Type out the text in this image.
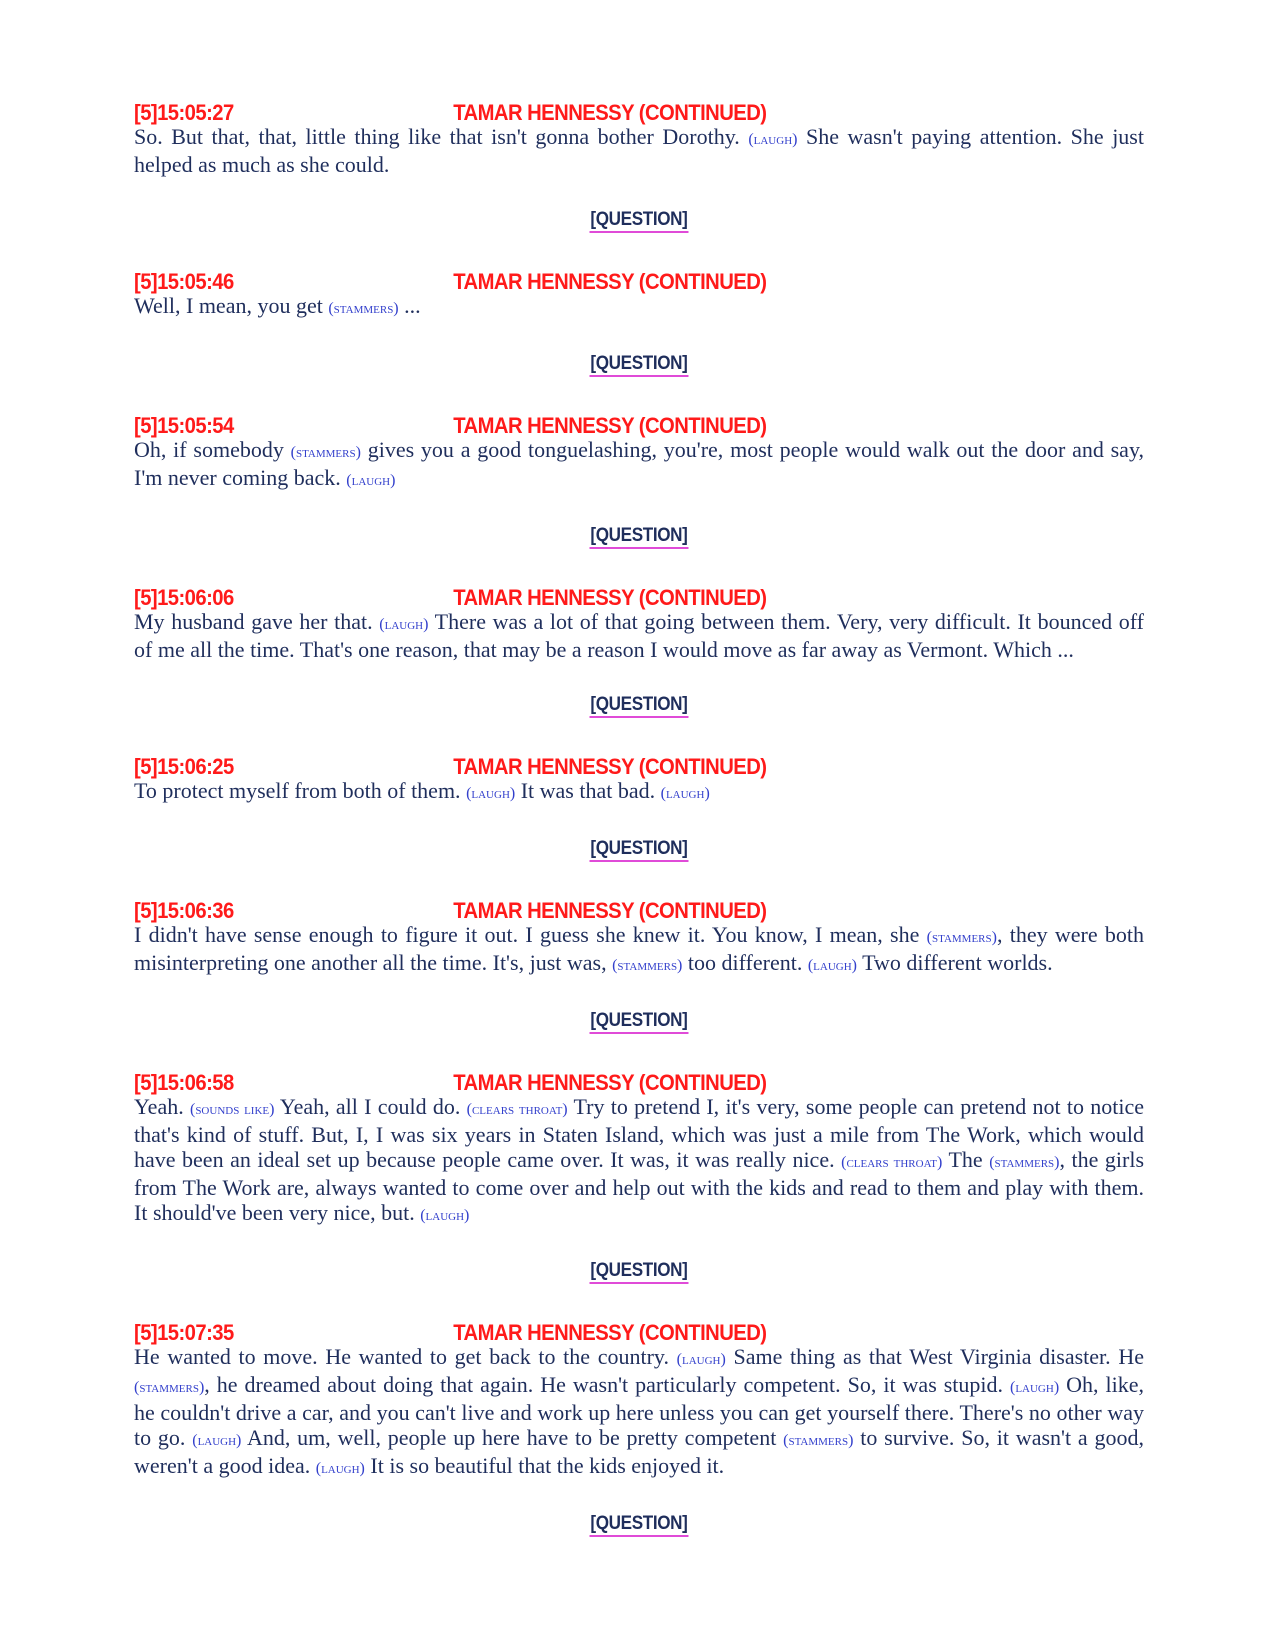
[5]15:05:27	TAMAR HENNESSY (CONTINUED)

So. But that, that, little thing like that isn't gonna bother Dorothy. (laugh) She wasn't paying attention. She just helped as much as she could.

[QUESTION]
[5]15:05:46	TAMAR HENNESSY (CONTINUED)

Well, I mean, you get (stammers) ...

[QUESTION]
[5]15:05:54	TAMAR HENNESSY (CONTINUED)

Oh, if somebody (stammers) gives you a good tonguelashing, you're, most people would walk out the door and say, I'm never coming back. (laugh)

[QUESTION]
[5]15:06:06	TAMAR HENNESSY (CONTINUED)

My husband gave her that. (laugh) There was a lot of that going between them. Very, very difficult. It bounced off of me all the time. That's one reason, that may be a reason I would move as far away as Vermont. Which ...

[QUESTION]
[5]15:06:25	TAMAR HENNESSY (CONTINUED)

To protect myself from both of them. (laugh) It was that bad. (laugh)

[QUESTION]
[5]15:06:36	TAMAR HENNESSY (CONTINUED)

I didn't have sense enough to figure it out. I guess she knew it. You know, I mean, she (stammers), they were both misinterpreting one another all the time. It's, just was, (stammers) too different. (laugh) Two different worlds.

[QUESTION]
[5]15:06:58	TAMAR HENNESSY (CONTINUED)

Yeah. (sounds like) Yeah, all I could do. (clears throat) Try to pretend I, it's very, some people can pretend not to notice that's kind of stuff. But, I, I was six years in Staten Island, which was just a mile from The Work, which would have been an ideal set up because people came over. It was, it was really nice. (clears throat) The (stammers), the girls from The Work are, always wanted to come over and help out with the kids and read to them and play with them. It should've been very nice, but. (laugh)

[QUESTION]
[5]15:07:35	TAMAR HENNESSY (CONTINUED)

He wanted to move. He wanted to get back to the country. (laugh) Same thing as that West Virginia disaster. He (stammers), he dreamed about doing that again. He wasn't particularly competent. So, it was stupid. (laugh) Oh, like, he couldn't drive a car, and you can't live and work up here unless you can get yourself there. There's no other way to go. (laugh) And, um, well, people up here have to be pretty competent (stammers) to survive. So, it wasn't a good, weren't a good idea. (laugh) It is so beautiful that the kids enjoyed it.

[QUESTION]
